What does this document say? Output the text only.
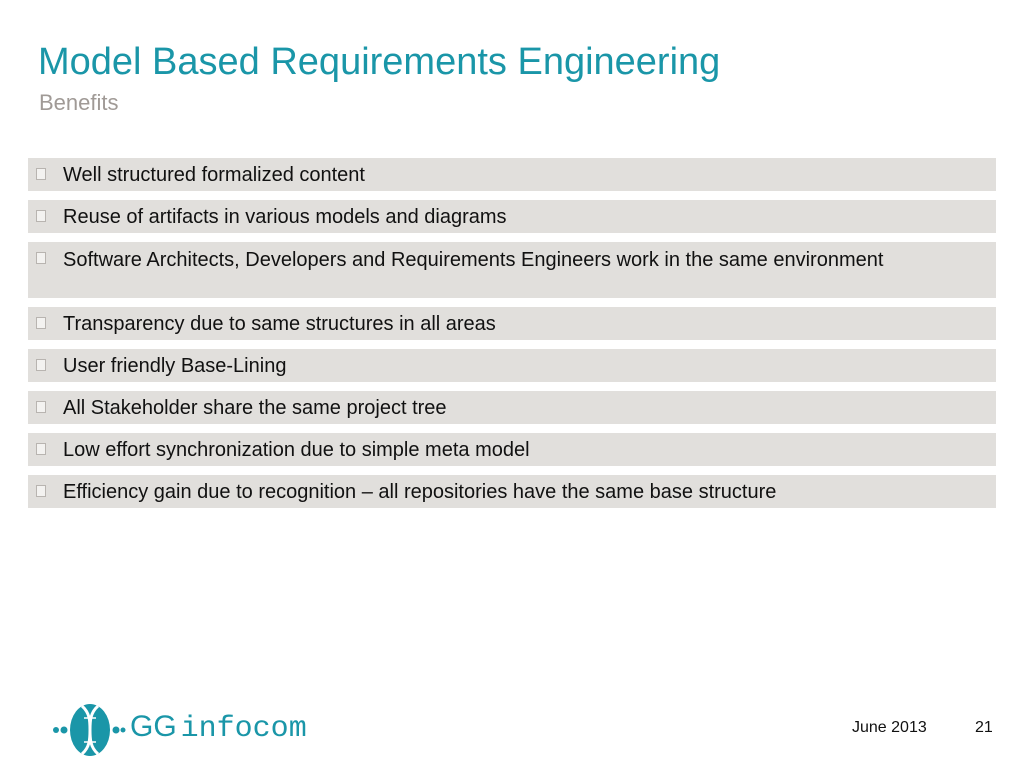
Model Based Requirements Engineering
Benefits
Well structured formalized content
Reuse of artifacts in various models and diagrams
Software Architects, Developers and Requirements Engineers work in the same environment
Transparency due to same structures in all areas
User friendly Base-Lining
All Stakeholder share the same project tree
Low effort synchronization due to simple meta model
Efficiency gain due to recognition – all repositories have the same base structure
GG infocom	June 2013	21
